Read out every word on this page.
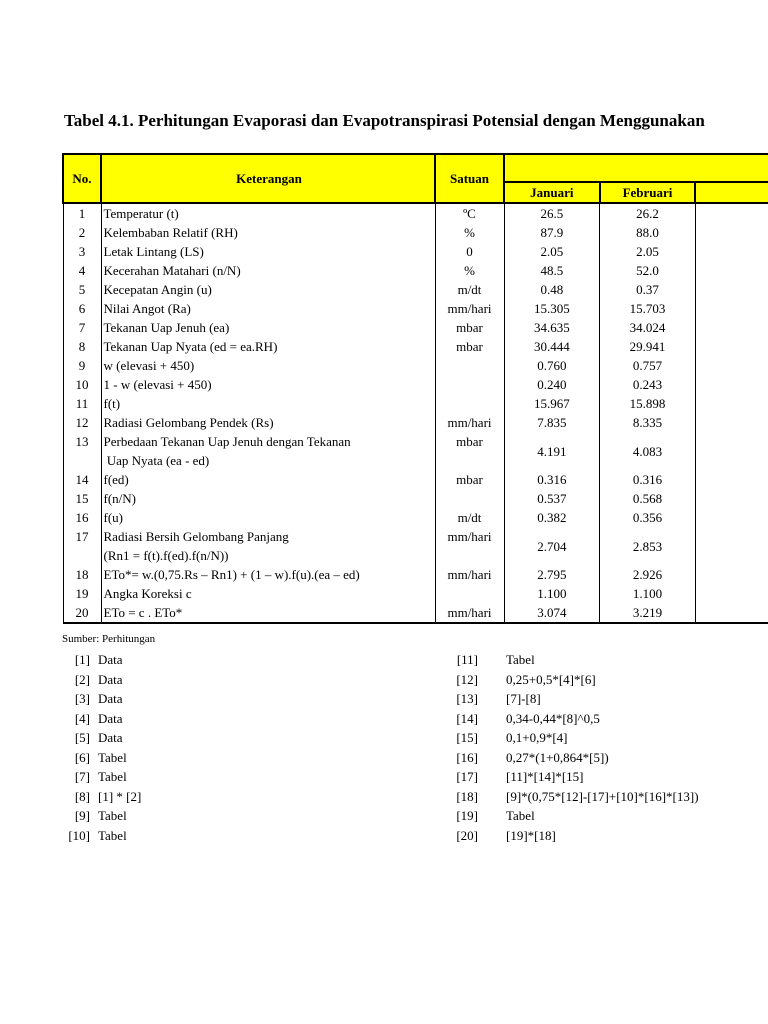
Tabel 4.1. Perhitungan Evaporasi dan Evapotranspirasi Potensial dengan Menggunakan
No.	Keterangan	Satuan			
			Januari	Februari	
1	Temperatur (t)	ºC	26.5	26.2	
2	Kelembaban Relatif (RH)	%	87.9	88.0	
3	Letak Lintang (LS)	0	2.05	2.05	
4	Kecerahan Matahari (n/N)	%	48.5	52.0	
5	Kecepatan Angin (u)	m/dt	0.48	0.37	
6	Nilai Angot (Ra)	mm/hari	15.305	15.703	
7	Tekanan Uap Jenuh (ea)	mbar	34.635	34.024	
8	Tekanan Uap Nyata (ed = ea.RH)	mbar	30.444	29.941	
9	w (elevasi + 450)		0.760	0.757	
10	1 - w (elevasi + 450)		0.240	0.243	
11	f(t)		15.967	15.898	
12	Radiasi Gelombang Pendek (Rs)	mm/hari	7.835	8.335	
13	Perbedaan Tekanan Uap Jenuh dengan Tekanan
Uap Nyata (ea - ed)	mbar	4.191	4.083	
14	f(ed)	mbar	0.316	0.316	
15	f(n/N)		0.537	0.568	
16	f(u)	m/dt	0.382	0.356	
17	Radiasi Bersih Gelombang Panjang
(Rn1 = f(t).f(ed).f(n/N))	mm/hari	2.704	2.853	
18	ETo*= w.(0,75.Rs – Rn1) + (1 – w).f(u).(ea – ed)	mm/hari	2.795	2.926	
19	Angka Koreksi c		1.100	1.100	
20	ETo = c . ETo*	mm/hari	3.074	3.219	
Sumber: Perhitungan
[1] Data
[2] Data
[3] Data
[4] Data
[5] Data
[6] Tabel
[7] Tabel
[8] [1] * [2]
[9] Tabel
[10] Tabel
[11] Tabel
[12] 0,25+0,5*[4]*[6]
[13] [7]-[8]
[14] 0,34-0,44*[8]^0,5
[15] 0,1+0,9*[4]
[16] 0,27*(1+0,864*[5])
[17] [11]*[14]*[15]
[18] [9]*(0,75*[12]-[17]+[10]*[16]*[13])
[19] Tabel
[20] [19]*[18]
